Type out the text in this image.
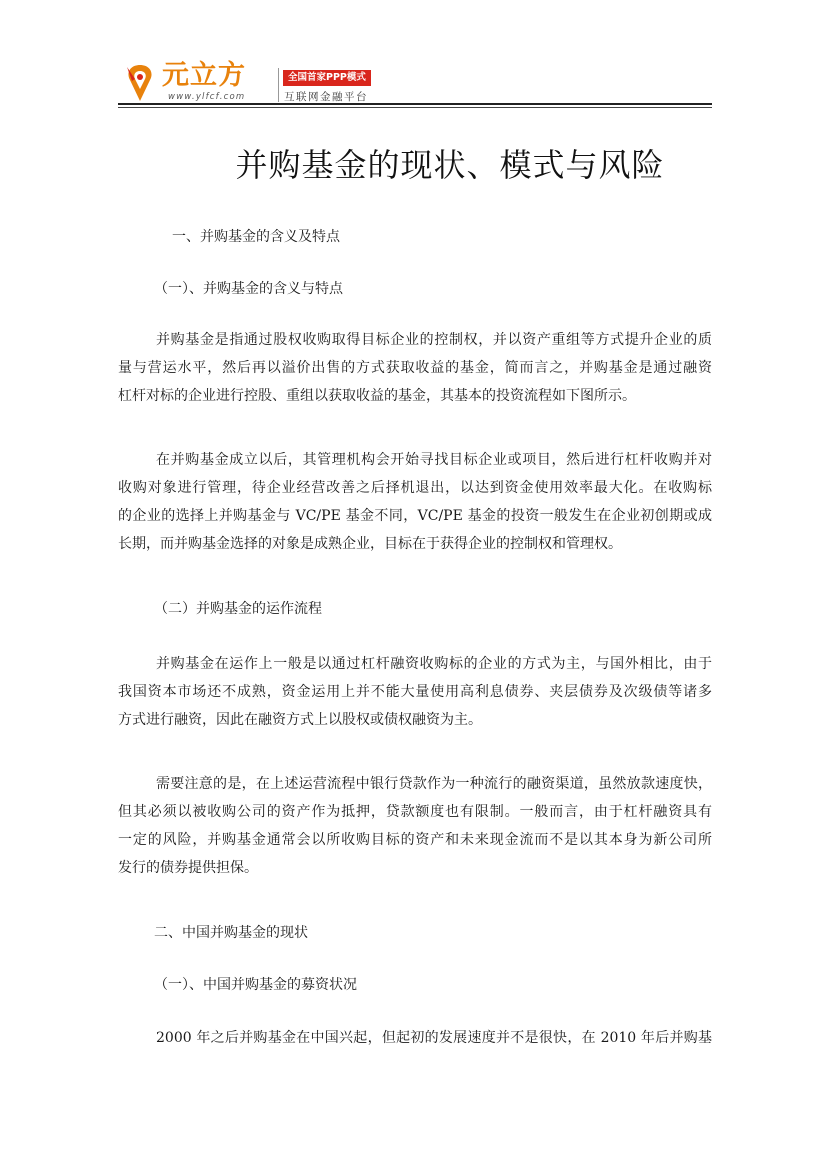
元立方
www.ylfcf.com
全国首家PPP模式
互联网金融平台
并购基金的现状、模式与风险
一、并购基金的含义及特点
（一）、并购基金的含义与特点
并购基金是指通过股权收购取得目标企业的控制权，并以资产重组等方式提升企业的质
量与营运水平，然后再以溢价出售的方式获取收益的基金，简而言之，并购基金是通过融资
杠杆对标的企业进行控股、重组以获取收益的基金，其基本的投资流程如下图所示。
在并购基金成立以后，其管理机构会开始寻找目标企业或项目，然后进行杠杆收购并对
收购对象进行管理，待企业经营改善之后择机退出，以达到资金使用效率最大化。在收购标
的企业的选择上并购基金与 VC/PE 基金不同，VC/PE 基金的投资一般发生在企业初创期或成
长期，而并购基金选择的对象是成熟企业，目标在于获得企业的控制权和管理权。
（二）并购基金的运作流程
并购基金在运作上一般是以通过杠杆融资收购标的企业的方式为主，与国外相比，由于
我国资本市场还不成熟，资金运用上并不能大量使用高利息债券、夹层债券及次级债等诸多
方式进行融资，因此在融资方式上以股权或债权融资为主。
需要注意的是，在上述运营流程中银行贷款作为一种流行的融资渠道，虽然放款速度快，
但其必须以被收购公司的资产作为抵押，贷款额度也有限制。一般而言，由于杠杆融资具有
一定的风险，并购基金通常会以所收购目标的资产和未来现金流而不是以其本身为新公司所
发行的债券提供担保。
二、中国并购基金的现状
（一）、中国并购基金的募资状况
2000 年之后并购基金在中国兴起，但起初的发展速度并不是很快，在 2010 年后并购基
